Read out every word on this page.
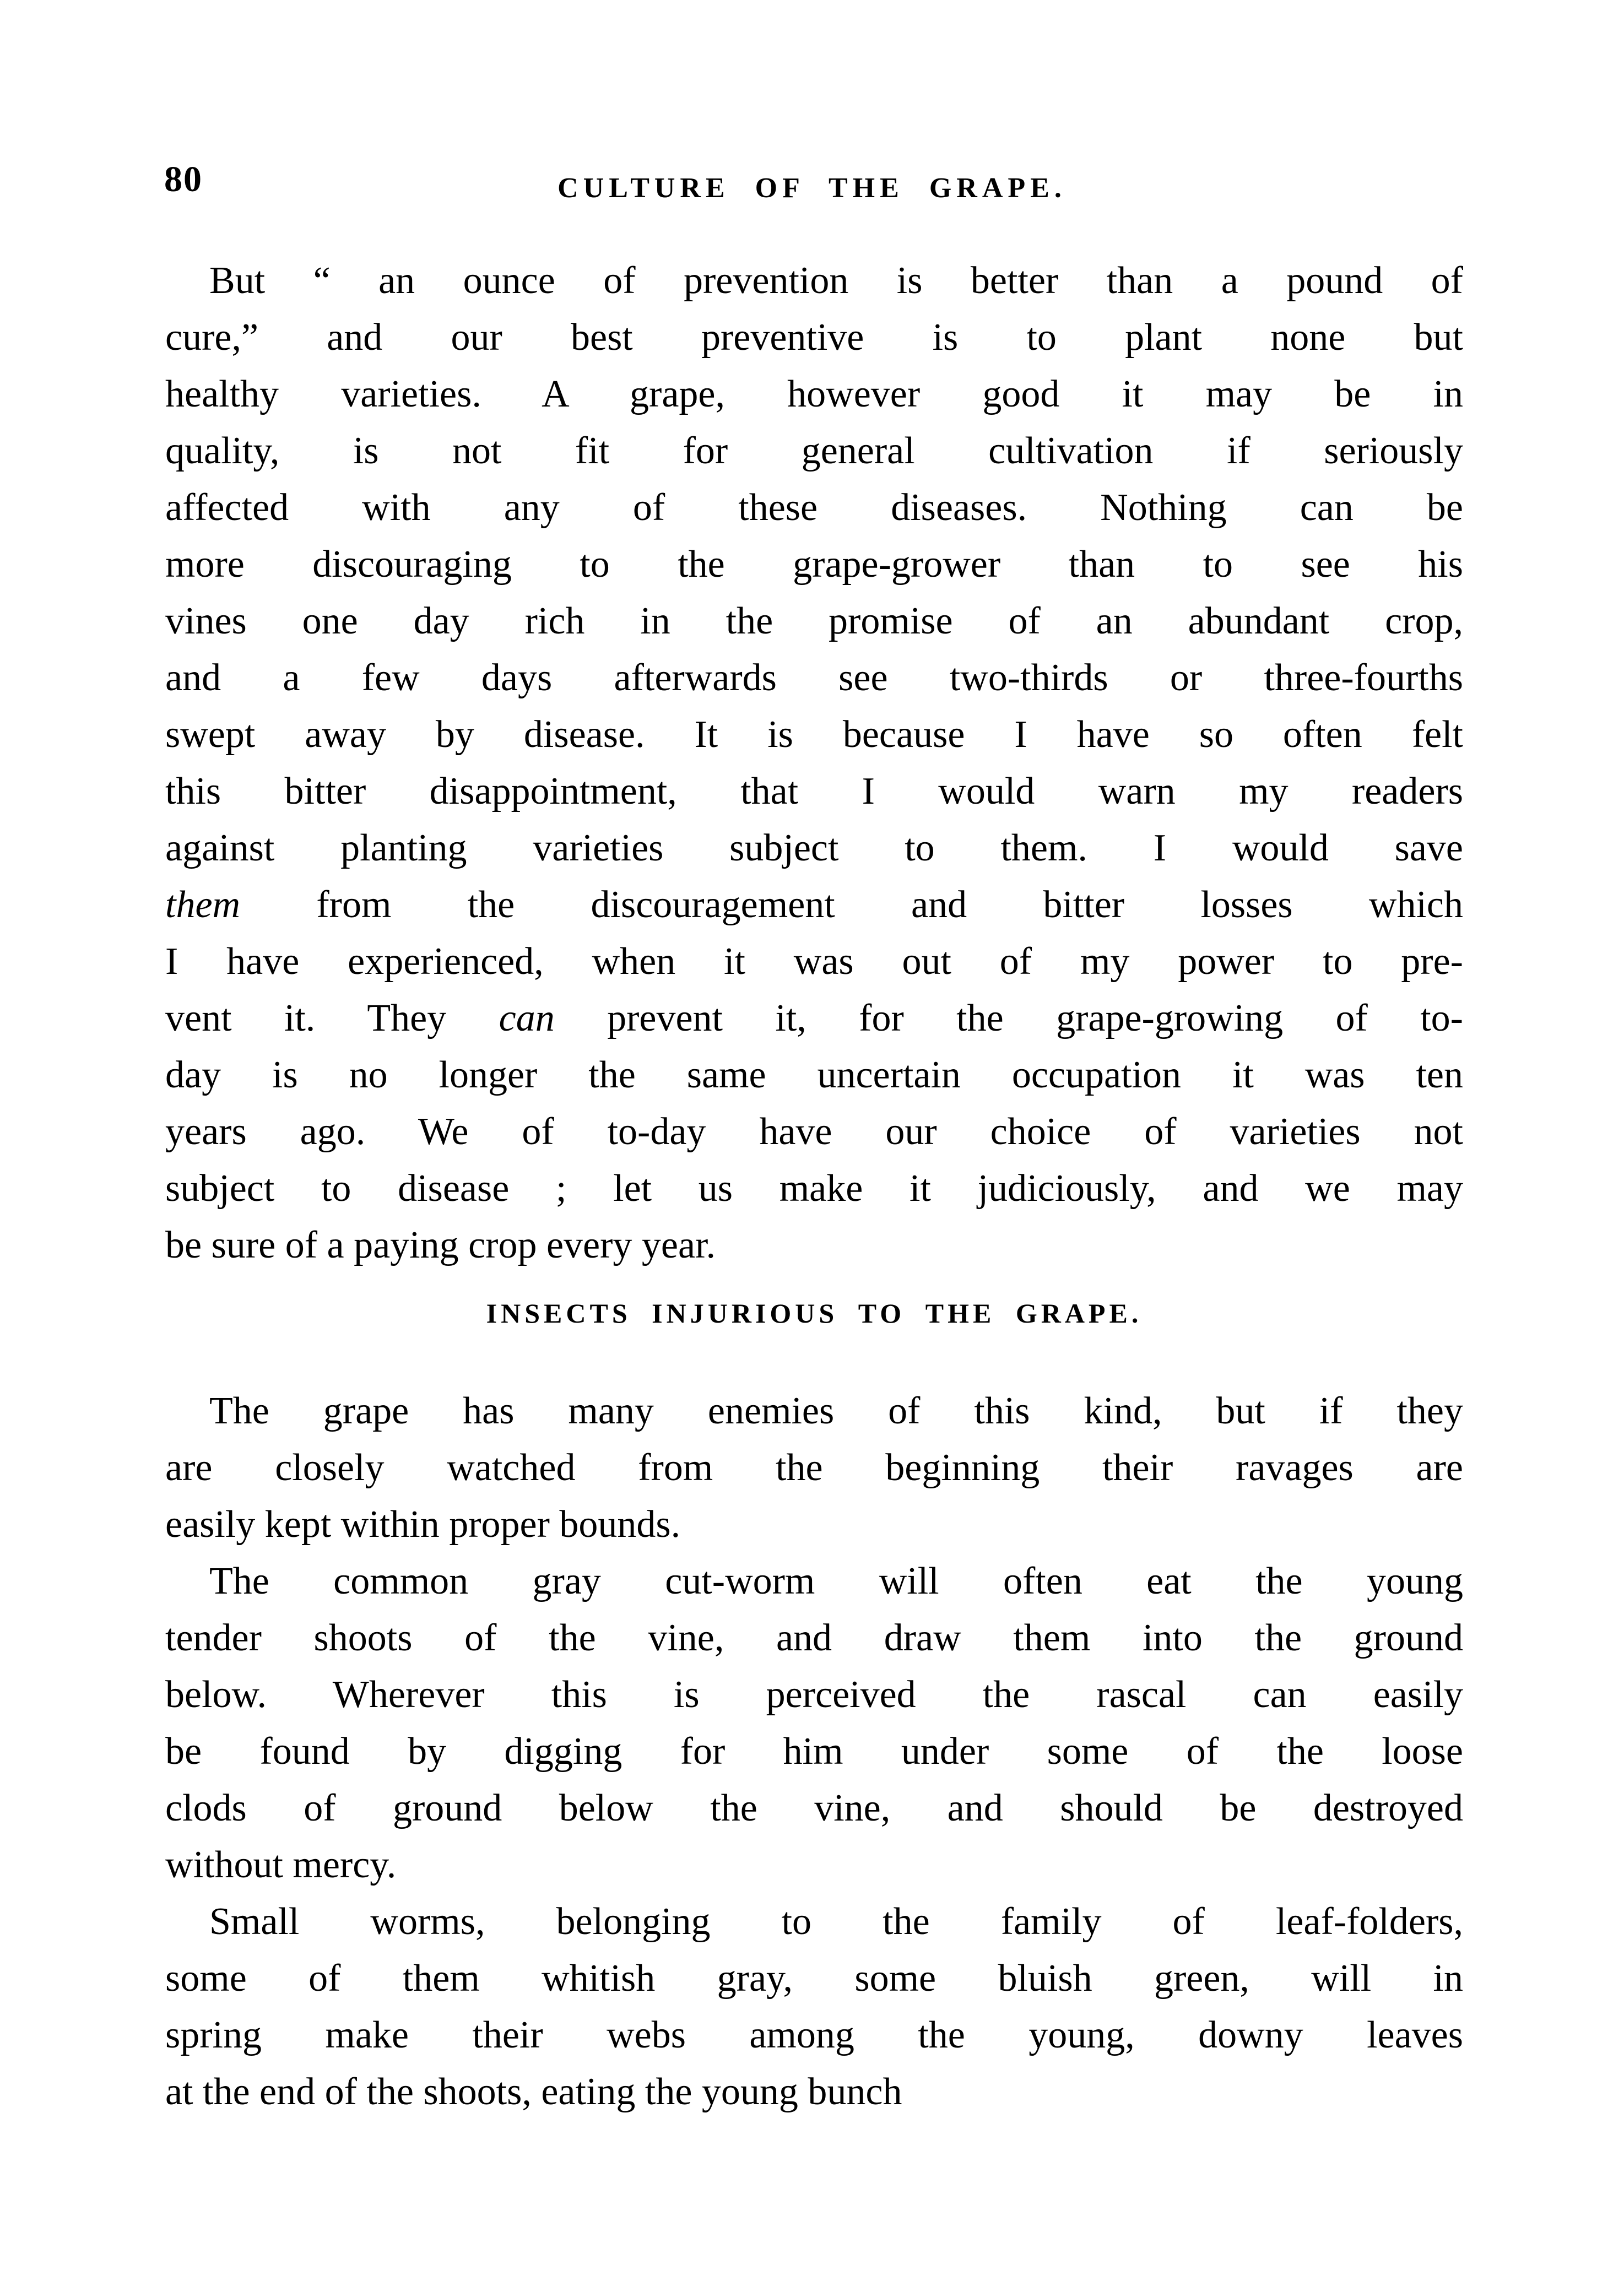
80	CULTURE OF THE GRAPE.
But “ an ounce of prevention is better than a pound of
cure,” and our best preventive is to plant none but
healthy varieties. A grape, however good it may be in
quality, is not fit for general cultivation if seriously
affected with any of these diseases. Nothing can be
more discouraging to the grape-grower than to see his
vines one day rich in the promise of an abundant crop,
and a few days afterwards see two-thirds or three-fourths
swept away by disease. It is because I have so often felt
this bitter disappointment, that I would warn my readers
against planting varieties subject to them. I would save
them from the discouragement and bitter losses which
I have experienced, when it was out of my power to pre-
vent it. They can prevent it, for the grape-growing of to-
day is no longer the same uncertain occupation it was ten
years ago. We of to-day have our choice of varieties not
subject to disease ; let us make it judiciously, and we may
be sure of a paying crop every year.
INSECTS INJURIOUS TO THE GRAPE.
The grape has many enemies of this kind, but if they
are closely watched from the beginning their ravages are
easily kept within proper bounds.
The common gray cut-worm will often eat the young
tender shoots of the vine, and draw them into the ground
below. Wherever this is perceived the rascal can easily
be found by digging for him under some of the loose
clods of ground below the vine, and should be destroyed
without mercy.
Small worms, belonging to the family of leaf-folders,
some of them whitish gray, some bluish green, will in
spring make their webs among the young, downy leaves
at the end of the shoots, eating the young bunch
